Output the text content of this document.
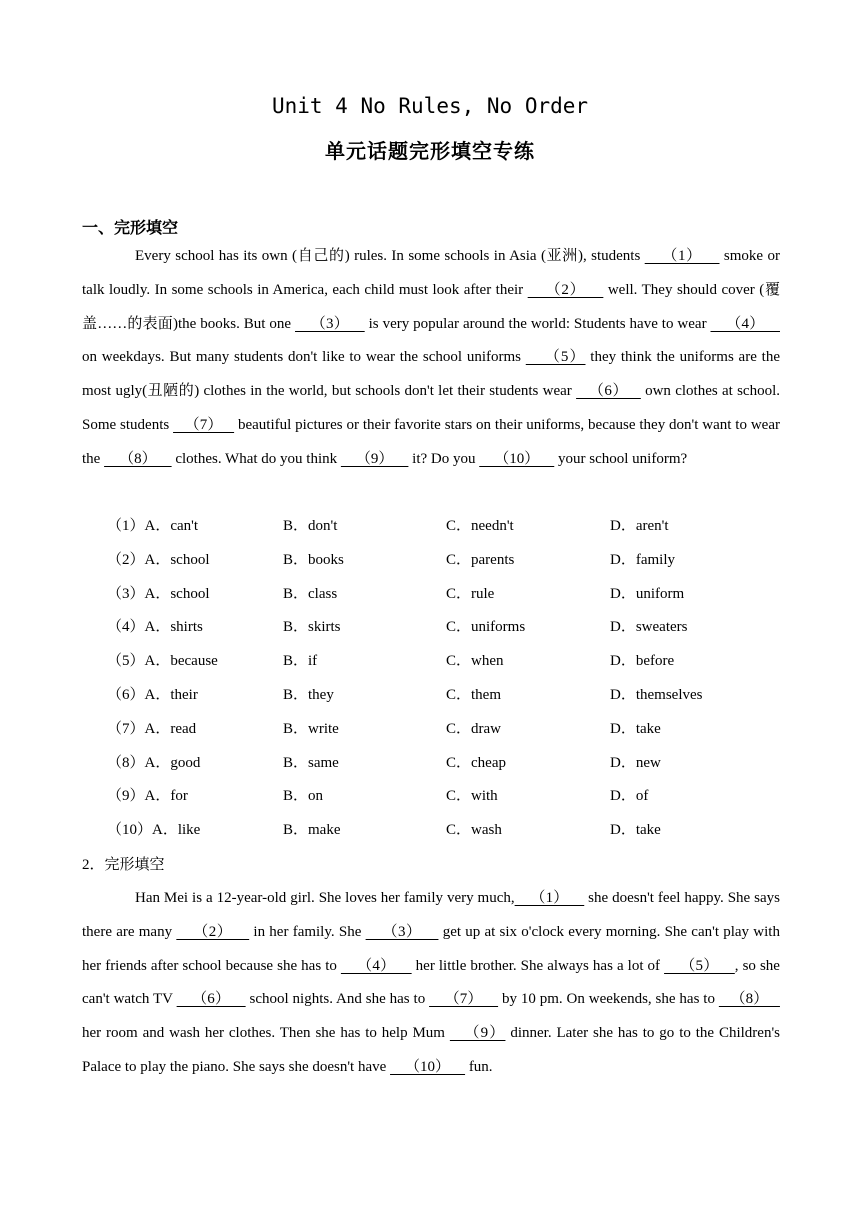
Unit 4 No Rules, No Order
单元话题完形填空专练
一、完形填空

Every school has its own (自己的) rules. In some schools in Asia (亚洲), students     （1）     smoke or talk loudly. In some schools in America, each child must look after their     （2）     well. They should cover (覆盖……的表面)the books. But one     （3）     is very popular around the world: Students have to wear     （4）     on weekdays. But many students don't like to wear the school uniforms     （5） they think the uniforms are the most ugly(丑陋的) clothes in the world, but schools don't let their students wear    （6）    own clothes at school. Some students    （7）    beautiful pictures or their favorite stars on their uniforms, because they don't want to wear the     （8）     clothes. What do you think     （9）     it? Do you     （10）     your school uniform?

（1）A．can't	B．don't	C．needn't	D．aren't
（2）A．school	B．books	C．parents	D．family
（3）A．school	B．class	C．rule	D．uniform
（4）A．shirts	B．skirts	C．uniforms	D．sweaters
（5）A．because	B．if	C．when	D．before
（6）A．their	B．they	C．them	D．themselves
（7）A．read	B．write	C．draw	D．take
（8）A．good	B．same	C．cheap	D．new
（9）A．for	B．on	C．with	D．of
（10）A．like	B．make	C．wash	D．take
2．完形填空

Han Mei is a 12-year-old girl. She loves her family very much,    （1）     she doesn't feel happy. She says there are many     （2）     in her family. She     （3）     get up at six o'clock every morning. She can't play with her friends after school because she has to     （4）     her little brother. She always has a lot of     （5）    , so she can't watch TV     （6）     school nights. And she has to     （7）     by 10 pm. On weekends, she has to    （8）    her room and wash her clothes. Then she has to help Mum    （9） dinner. Later she has to go to the Children's Palace to play the piano. She says she doesn't have     （10）     fun.
